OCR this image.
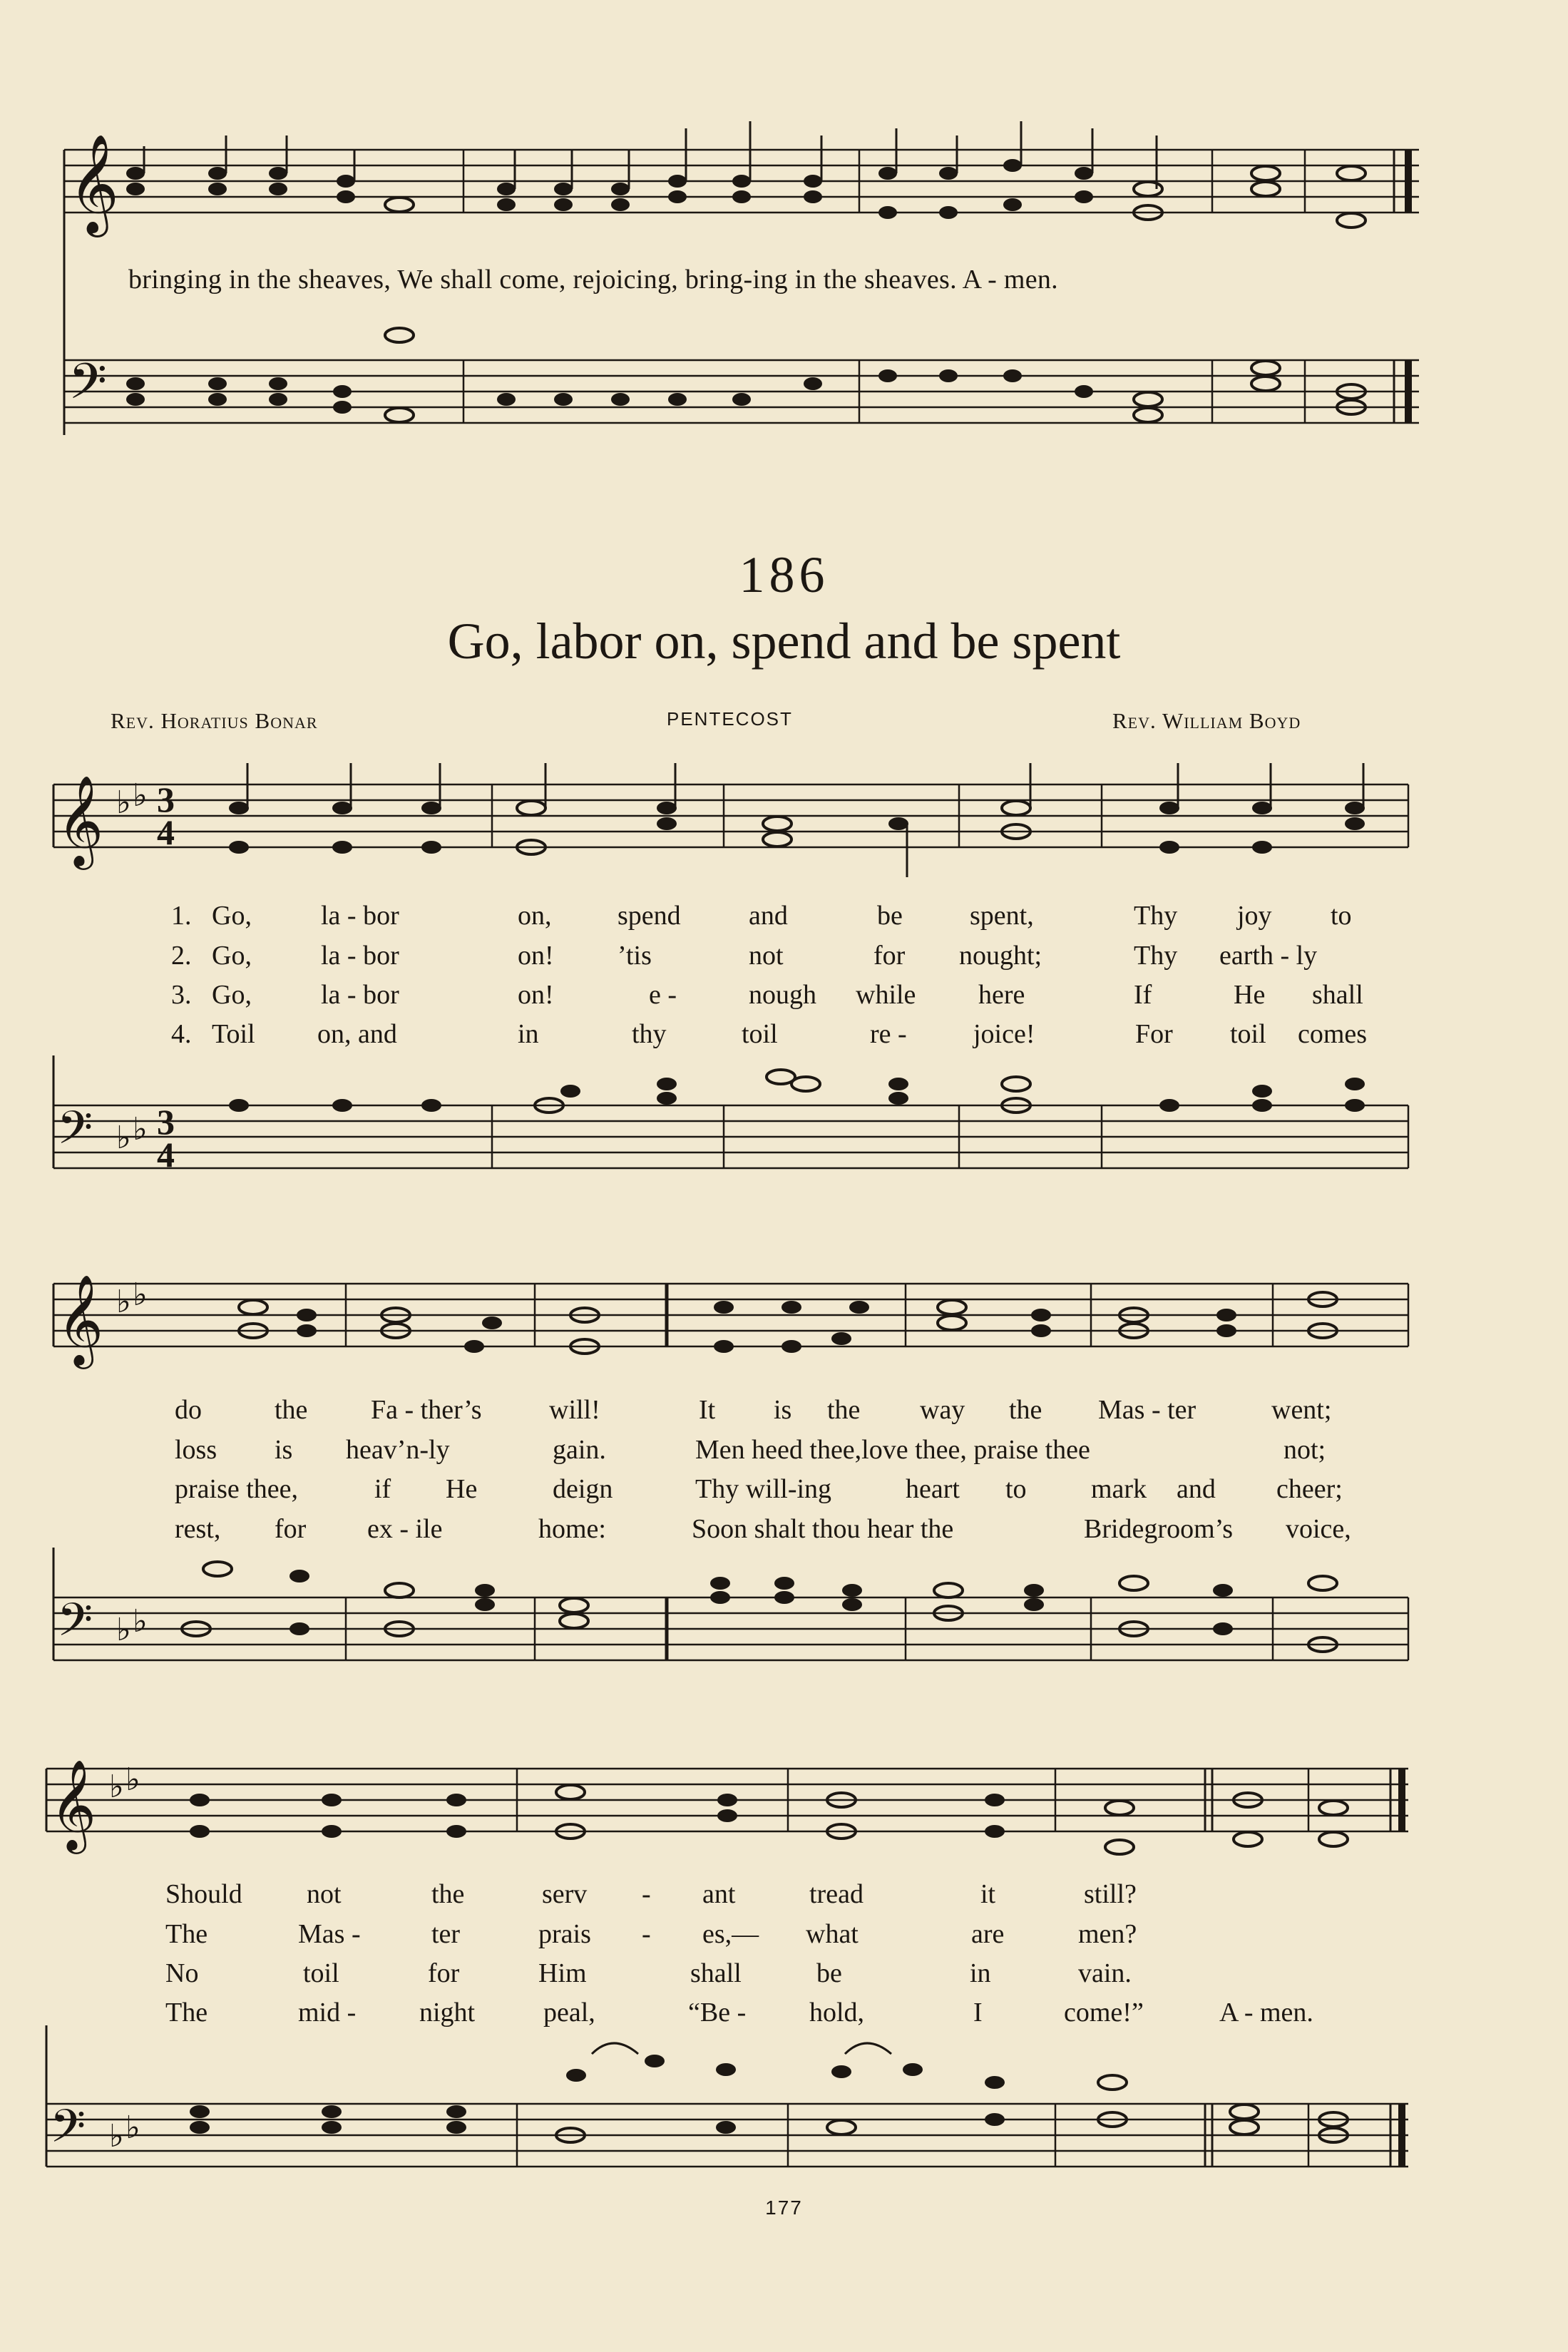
𝄞
bringing in the sheaves, We shall come, rejoicing, bring-ing in the sheaves. A - men.
𝄢
186
Go, labor on, spend and be spent
Rev. Horatius Bonar	PENTECOST	Rev. William Boyd
𝄞 3
4
♭ ♭
1. Go,	la - bor	on, spend	and	be spent,	Thy joy to
2. Go,	la - bor	on! ’tis	not	for nought;	Thy earth - ly
3. Go,	la - bor	on!	e -	nough while here	If	He shall
4. Toil on, and	in	thy	toil	re - joice!	For toil comes
𝄢 3
4
♭ ♭
𝄞 ♭ ♭
do	the Fa - ther’s will!	It is the way the Mas - ter	went;
loss is heav’n-ly	gain.	Men heed thee,love thee, praise thee	not;
praise thee,	if He	deign	Thy will-ing	heart to mark and cheer;
rest, for ex - ile	home:	Soon shalt thou hear the	Bridegroom’s voice,
𝄢 ♭ ♭
𝄞 ♭ ♭
Should not	the	serv - ant	tread	it	still?
The	Mas -	ter	prais - es,— what	are	men?
No	toil	for	Him	shall	be	in	vain.
The	mid - night	peal,	“Be - hold,	I	come!”	A - men.
𝄢 ♭ ♭
177
